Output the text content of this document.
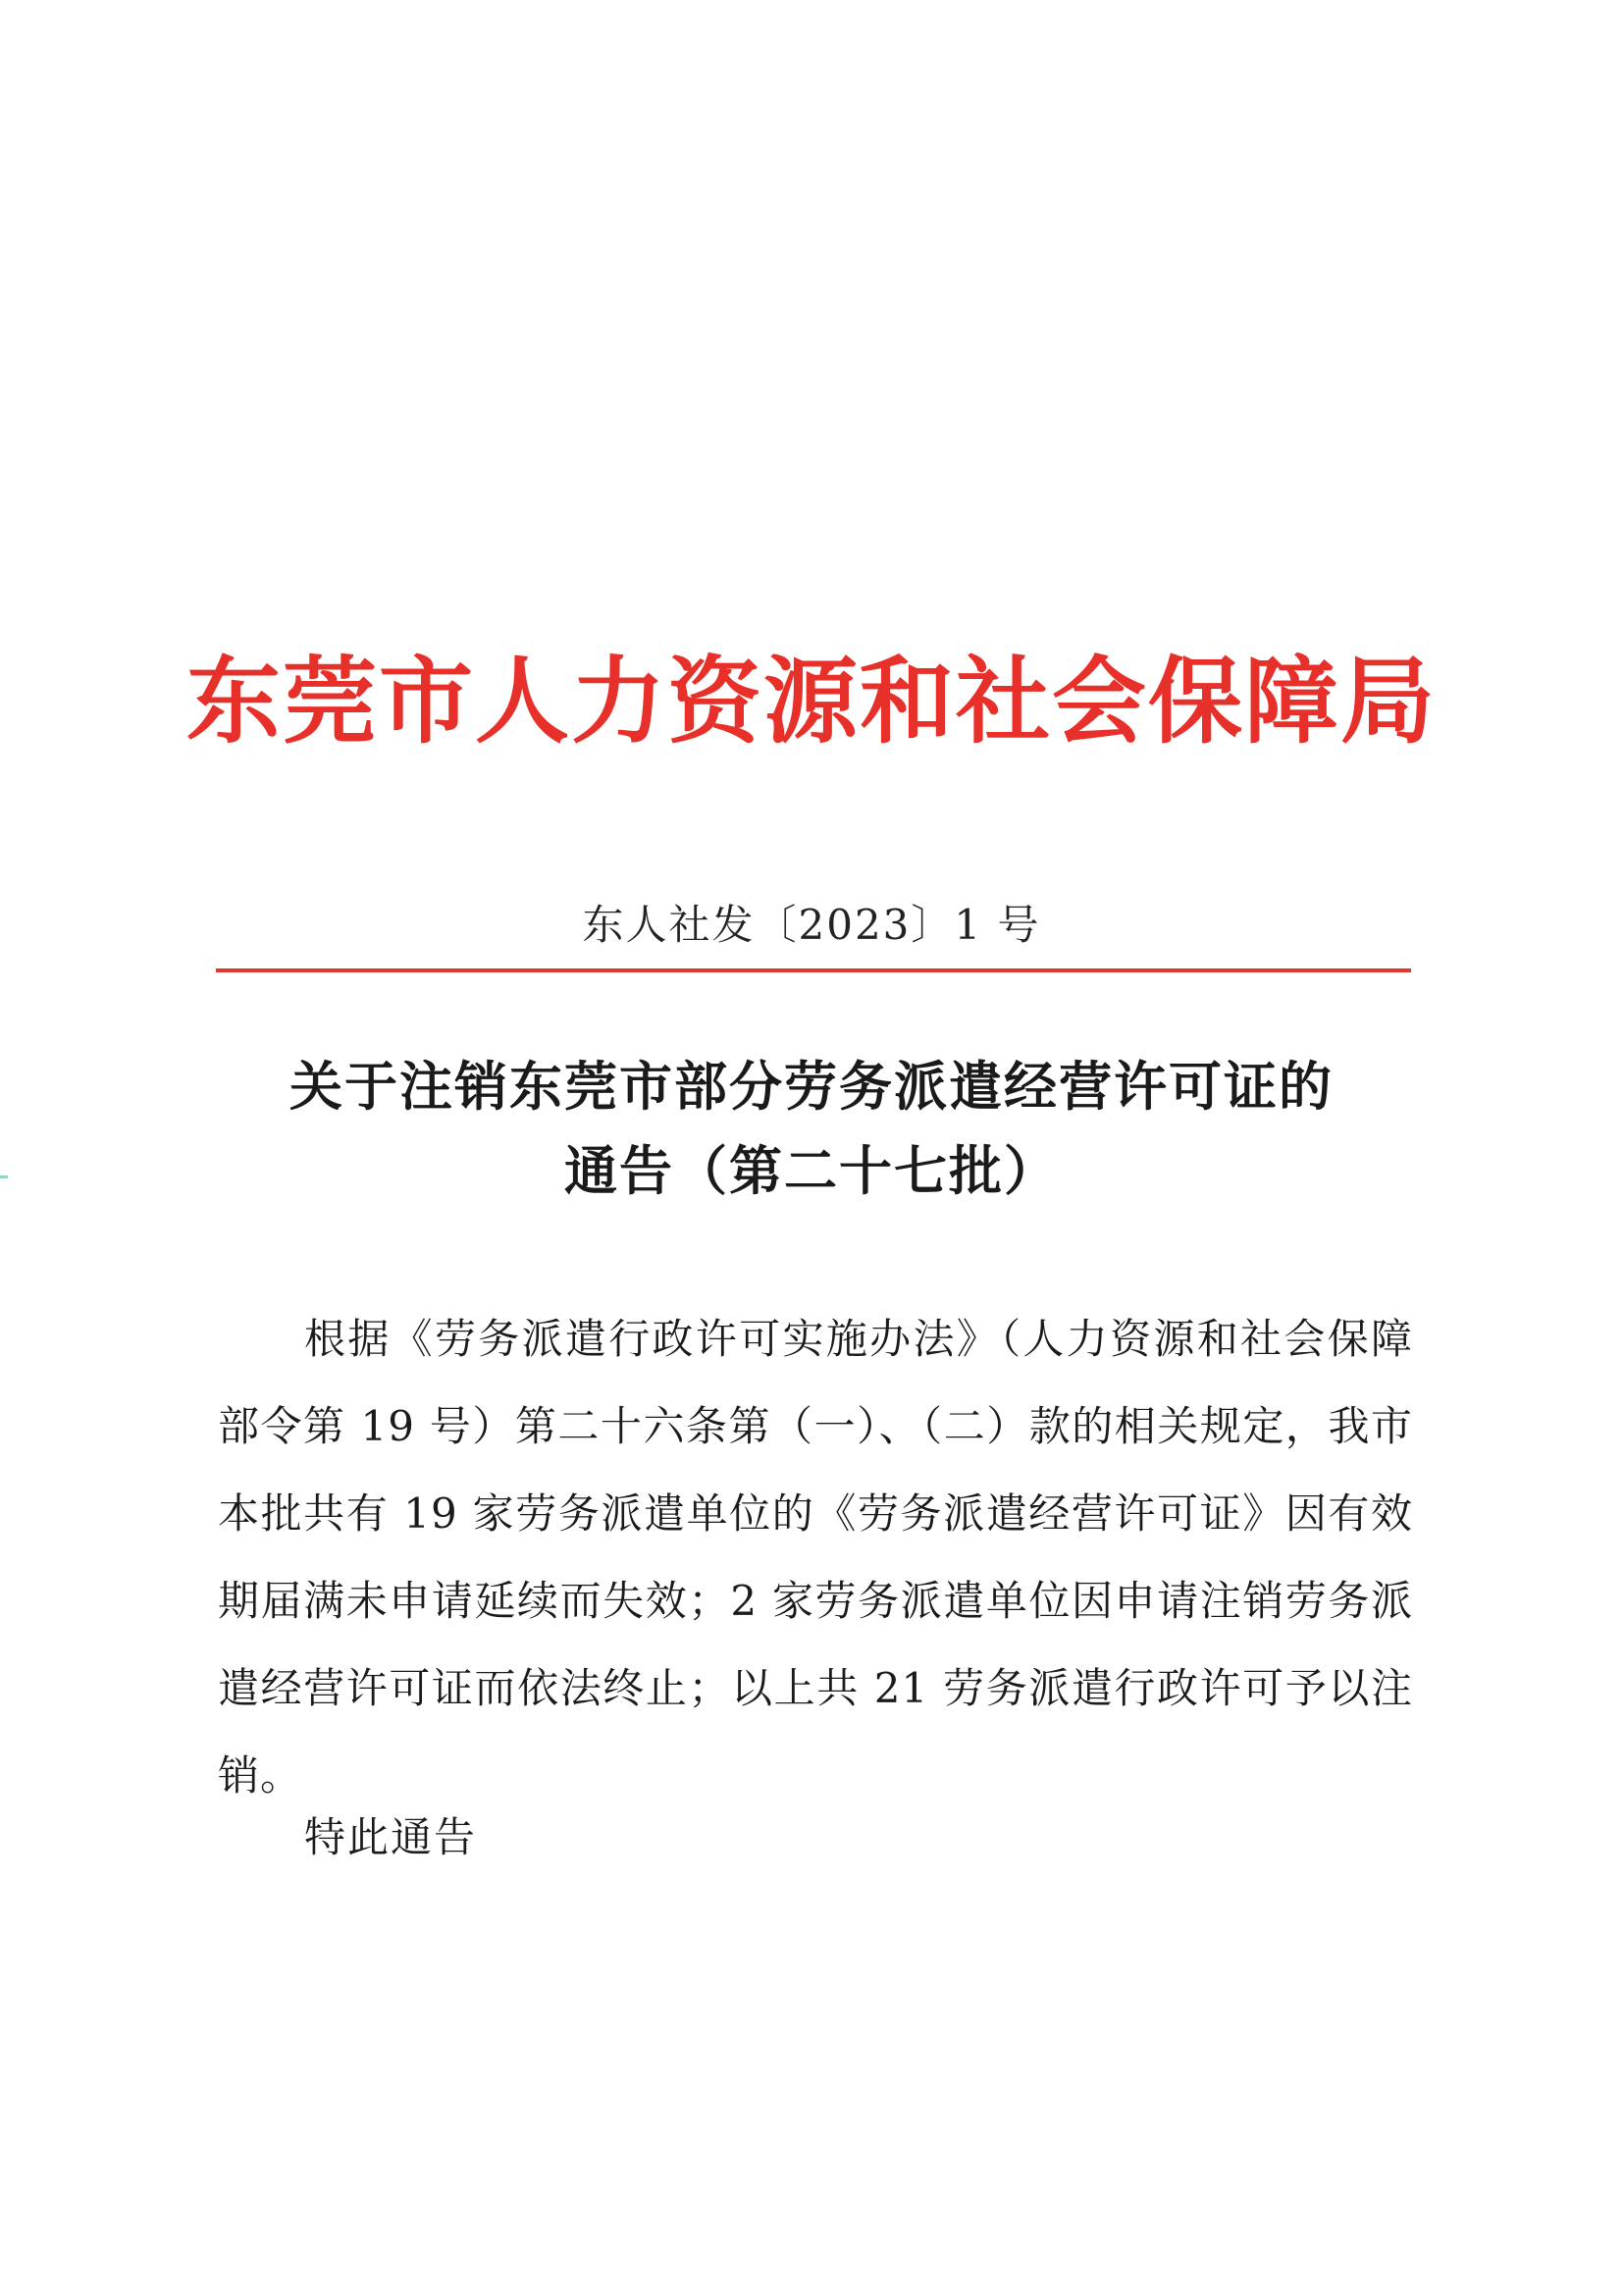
东莞市人力资源和社会保障局
东人社发〔2023〕1 号
关于注销东莞市部分劳务派遣经营许可证的
通告（第二十七批）
根据《劳务派遣行政许可实施办法》（人力资源和社会保障部令第 19 号）第二十六条第（一）、（二）款的相关规定，我市本批共有 19 家劳务派遣单位的《劳务派遣经营许可证》因有效期届满未申请延续而失效；2 家劳务派遣单位因申请注销劳务派遣经营许可证而依法终止；以上共 21 劳务派遣行政许可予以注销。
特此通告
